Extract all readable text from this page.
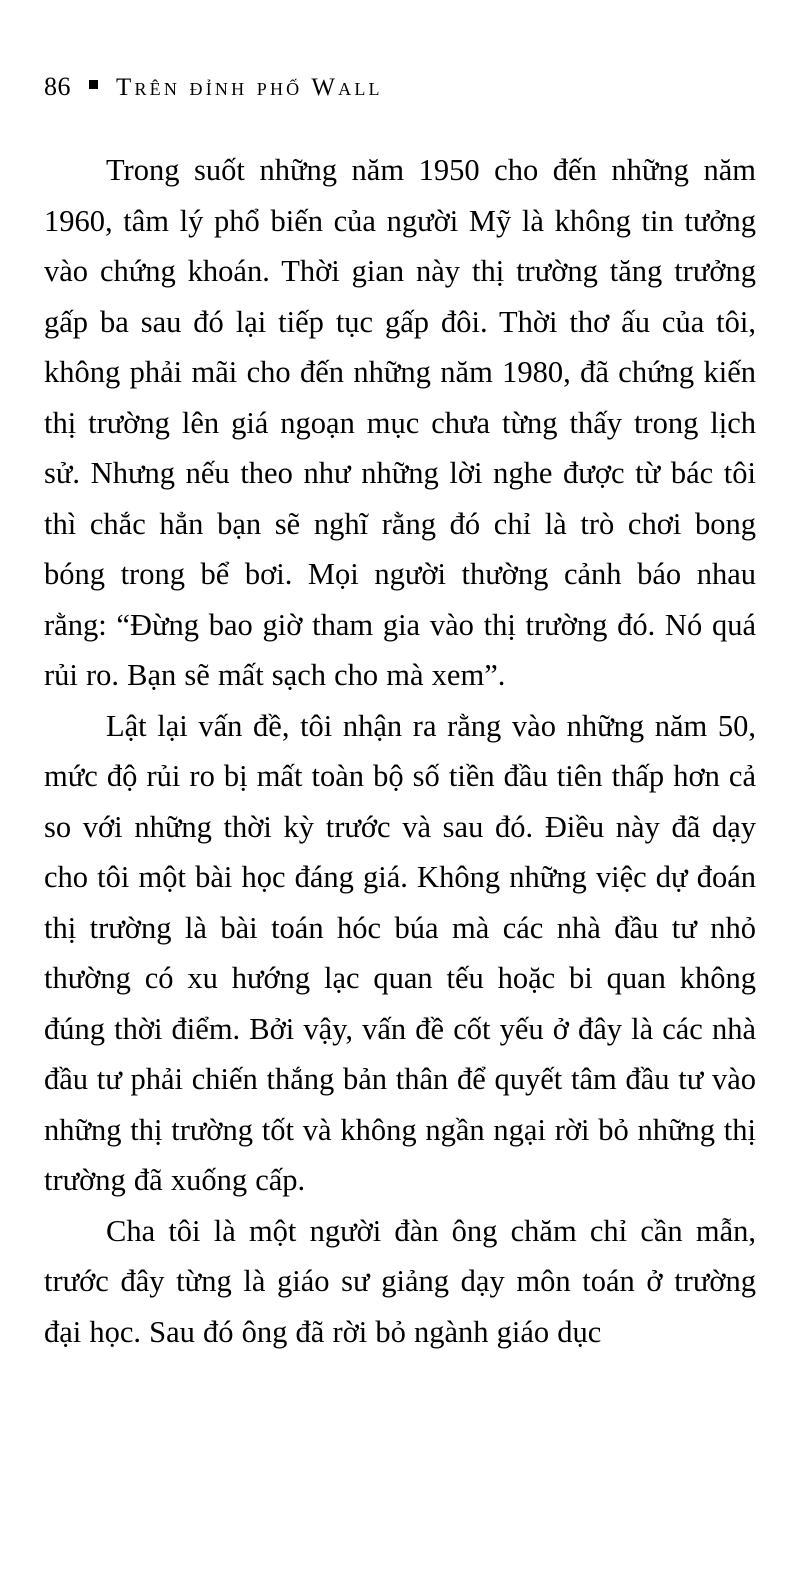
86 Trên đỉnh phố Wall

Trong suốt những năm 1950 cho đến những năm 1960, tâm lý phổ biến của người Mỹ là không tin tưởng vào chứng khoán. Thời gian này thị trường tăng trưởng gấp ba sau đó lại tiếp tục gấp đôi. Thời thơ ấu của tôi, không phải mãi cho đến những năm 1980, đã chứng kiến thị trường lên giá ngoạn mục chưa từng thấy trong lịch sử. Nhưng nếu theo như những lời nghe được từ bác tôi thì chắc hẳn bạn sẽ nghĩ rằng đó chỉ là trò chơi bong bóng trong bể bơi. Mọi người thường cảnh báo nhau rằng: “Đừng bao giờ tham gia vào thị trường đó. Nó quá rủi ro. Bạn sẽ mất sạch cho mà xem”.

Lật lại vấn đề, tôi nhận ra rằng vào những năm 50, mức độ rủi ro bị mất toàn bộ số tiền đầu tiên thấp hơn cả so với những thời kỳ trước và sau đó. Điều này đã dạy cho tôi một bài học đáng giá. Không những việc dự đoán thị trường là bài toán hóc búa mà các nhà đầu tư nhỏ thường có xu hướng lạc quan tếu hoặc bi quan không đúng thời điểm. Bởi vậy, vấn đề cốt yếu ở đây là các nhà đầu tư phải chiến thắng bản thân để quyết tâm đầu tư vào những thị trường tốt và không ngần ngại rời bỏ những thị trường đã xuống cấp.

Cha tôi là một người đàn ông chăm chỉ cần mẫn, trước đây từng là giáo sư giảng dạy môn toán ở trường đại học. Sau đó ông đã rời bỏ ngành giáo dục
